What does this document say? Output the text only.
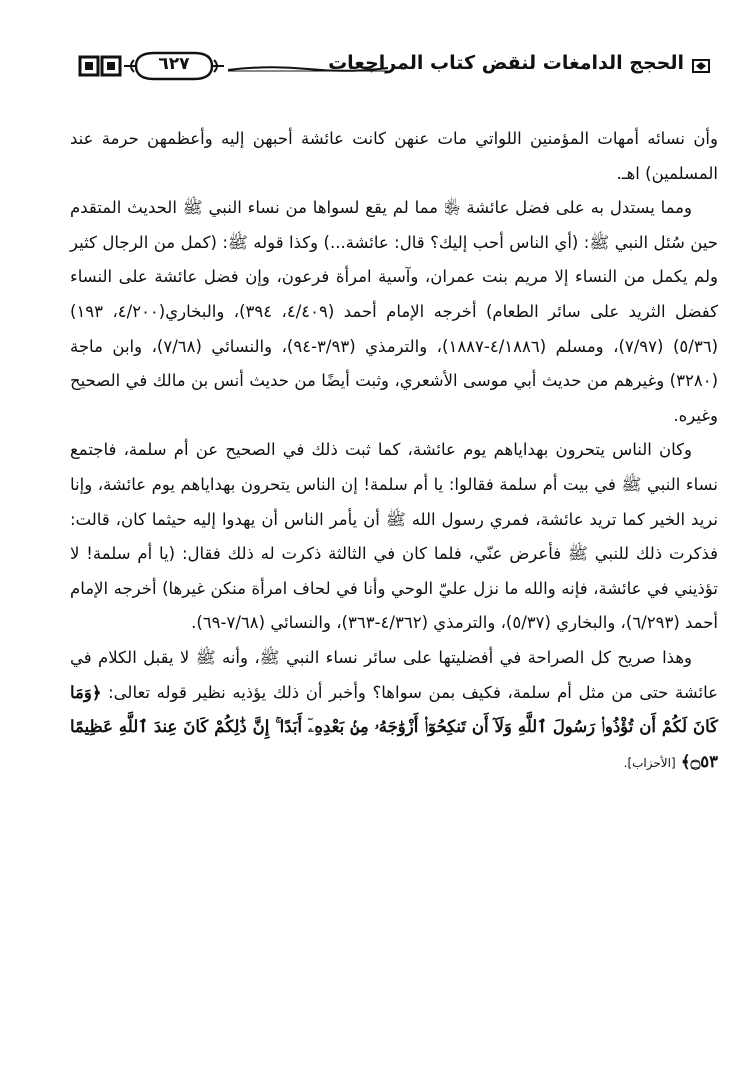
الحجج الدامغات لنقض كتاب المراجعات
٦٢٧

وأن نسائه أمهات المؤمنين اللواتي مات عنهن كانت عائشة أحبهن إليه وأعظمهن حرمة عند المسلمين) اهـ.

ومما يستدل به على فضل عائشة ﵂ مما لم يقع لسواها من نساء النبي ﷺ الحديث المتقدم حين سُئل النبي ﷺ: (أي الناس أحب إليك؟ قال: عائشة...) وكذا قوله ﷺ: (كمل من الرجال كثير ولم يكمل من النساء إلا مريم بنت عمران، وآسية امرأة فرعون، وإن فضل عائشة على النساء كفضل الثريد على سائر الطعام) أخرجه الإمام أحمد (٤/٤٠٩، ٣٩٤)، والبخاري(٤/٢٠٠، ١٩٣) (٥/٣٦) (٧/٩٧)، ومسلم (٤/١٨٨٦-١٨٨٧)، والترمذي (٣/٩٣-٩٤)، والنسائي (٧/٦٨)، وابن ماجة (٣٢٨٠) وغيرهم من حديث أبي موسى الأشعري، وثبت أيضًا من حديث أنس بن مالك في الصحيح وغيره.

وكان الناس يتحرون بهداياهم يوم عائشة، كما ثبت ذلك في الصحيح عن أم سلمة، فاجتمع نساء النبي ﷺ في بيت أم سلمة فقالوا: يا أم سلمة! إن الناس يتحرون بهداياهم يوم عائشة، وإنا نريد الخير كما تريد عائشة، فمري رسول الله ﷺ أن يأمر الناس أن يهدوا إليه حيثما كان، قالت: فذكرت ذلك للنبي ﷺ فأعرض عنّي، فلما كان في الثالثة ذكرت له ذلك فقال: (يا أم سلمة! لا تؤذيني في عائشة، فإنه والله ما نزل عليّ الوحي وأنا في لحاف امرأة منكن غيرها) أخرجه الإمام أحمد (٦/٢٩٣)، والبخاري (٥/٣٧)، والترمذي (٤/٣٦٢-٣٦٣)، والنسائي (٧/٦٨-٦٩).

وهذا صريح كل الصراحة في أفضليتها على سائر نساء النبي ﷺ، وأنه ﷺ لا يقبل الكلام في عائشة حتى من مثل أم سلمة، فكيف بمن سواها؟ وأخبر أن ذلك يؤذيه نظير قوله تعالى: ﴿وَمَا كَانَ لَكُمْ أَن تُؤْذُوا۟ رَسُولَ ٱللَّهِ وَلَآ أَن تَنكِحُوٓا۟ أَزْوَٰجَهُۥ مِنۢ بَعْدِهِۦٓ أَبَدًا ۚ إِنَّ ذَٰلِكُمْ كَانَ عِندَ ٱللَّهِ عَظِيمًا ۝٥٣﴾ [الأحزاب].
